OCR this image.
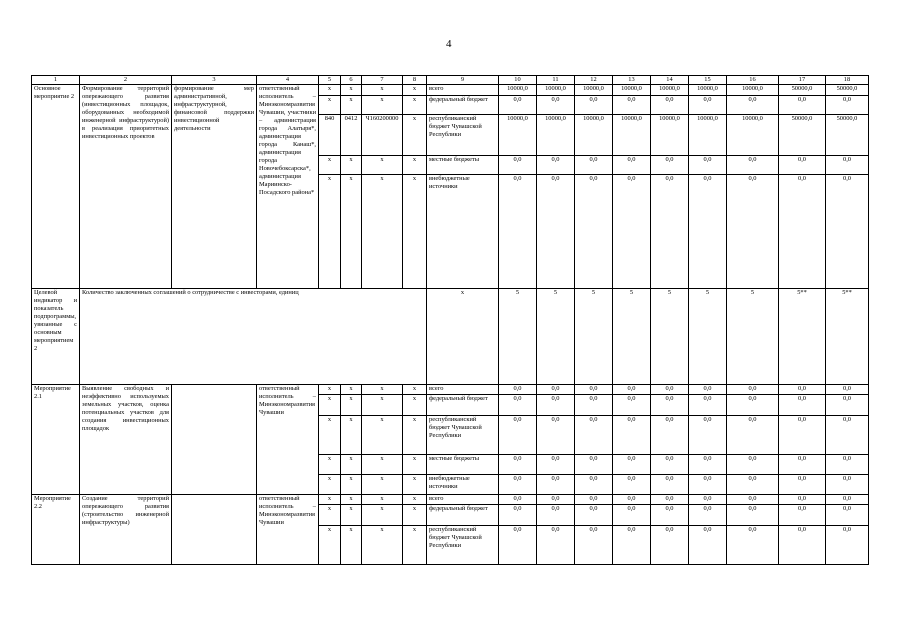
4
1	2	3	4	5	6	7	8	9	10	11	12	13	14	15	16	17	18
Основное мероприятие 2	Формирование территорий опережающего развития (инвестиционных площадок, оборудованных необходимой инженерной инфраструктурой) в реализация приоритетных инвестиционных проектов	формирование мер административной, инфраструктурной, финансовой поддержки инвестиционной деятельности	ответственный исполнитель – Минэкономразвития Чувашии, участники – администрация города Алатыря*, администрация города Канаш*, администрация города Новочебоксарска*, администрация Мариинско-Посадского района*	x	x	x	x	всего	10000,0	10000,0	10000,0	10000,0	10000,0	10000,0	10000,0	50000,0	50000,0
				x	x	x	x	федеральный бюджет	0,0	0,0	0,0	0,0	0,0	0,0	0,0	0,0	0,0
				840	0412	Ч160200000	x	республиканский бюджет Чувашской Республики	10000,0	10000,0	10000,0	10000,0	10000,0	10000,0	10000,0	50000,0	50000,0
				x	x	x	x	местные бюджеты	0,0	0,0	0,0	0,0	0,0	0,0	0,0	0,0	0,0
				x	x	x	x	внебюджетные источники	0,0	0,0	0,0	0,0	0,0	0,0	0,0	0,0	0,0
Целевой индикатор и показатель подпрограммы, увязанные с основным мероприятием 2	Количество заключенных соглашений о сотрудничестве с инвесторами, единиц							x	5	5	5	5	5	5	5	5**	5**
Мероприятие 2.1	Выявление свободных и неэффективно используемых земельных участков, оценка потенциальных участков для создания инвестиционных площадок		ответственный исполнитель – Минэкономразвития Чувашии	x	x	x	x	всего	0,0	0,0	0,0	0,0	0,0	0,0	0,0	0,0	0,0
				x	x	x	x	федеральный бюджет	0,0	0,0	0,0	0,0	0,0	0,0	0,0	0,0	0,0
				x	x	x	x	республиканский бюджет Чувашской Республики	0,0	0,0	0,0	0,0	0,0	0,0	0,0	0,0	0,0
				x	x	x	x	местные бюджеты	0,0	0,0	0,0	0,0	0,0	0,0	0,0	0,0	0,0
				x	x	x	x	внебюджетные источники	0,0	0,0	0,0	0,0	0,0	0,0	0,0	0,0	0,0
Мероприятие 2.2	Создание территорий опережающего развития (строительство инженерной инфраструктуры)		ответственный исполнитель – Минэкономразвития Чувашии	x	x	x	x	всего	0,0	0,0	0,0	0,0	0,0	0,0	0,0	0,0	0,0
				x	x	x	x	федеральный бюджет	0,0	0,0	0,0	0,0	0,0	0,0	0,0	0,0	0,0
				x	x	x	x	республиканский бюджет Чувашской Республики	0,0	0,0	0,0	0,0	0,0	0,0	0,0	0,0	0,0
